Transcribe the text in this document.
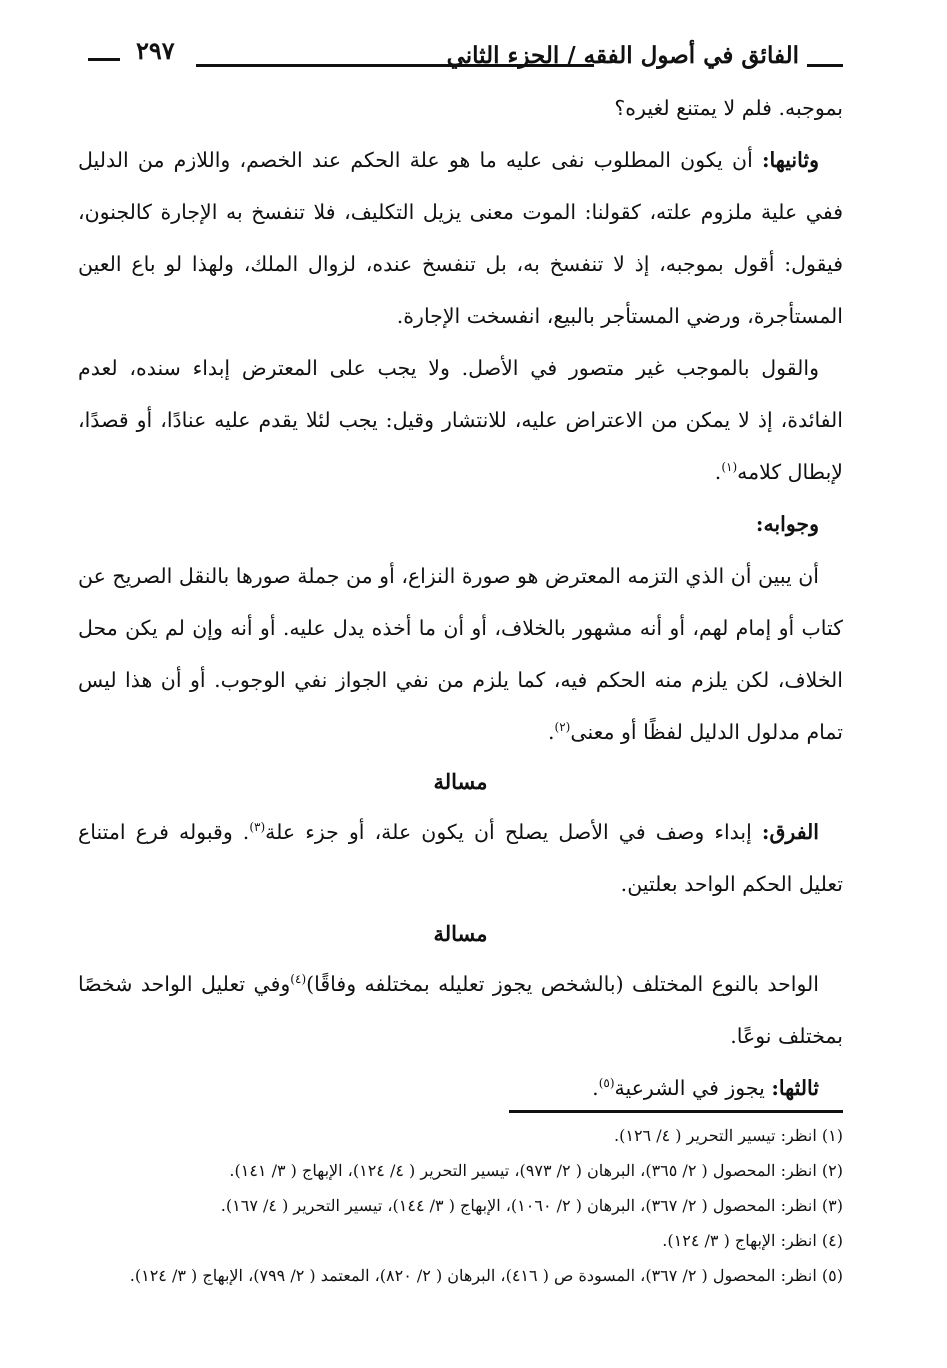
٢٩٧	الفائق في أصول الفقه / الجزء الثاني

بموجبه. فلم لا يمتنع لغيره؟

وثانيها: أن يكون المطلوب نفى عليه ما هو علة الحكم عند الخصم، واللازم من الدليل ففي علية ملزوم علته، كقولنا: الموت معنى يزيل التكليف، فلا تنفسخ به الإجارة كالجنون، فيقول: أقول بموجبه، إذ لا تنفسخ به، بل تنفسخ عنده، لزوال الملك، ولهذا لو باع العين المستأجرة، ورضي المستأجر بالبيع، انفسخت الإجارة.

والقول بالموجب غير متصور في الأصل. ولا يجب على المعترض إبداء سنده، لعدم الفائدة، إذ لا يمكن من الاعتراض عليه، للانتشار وقيل: يجب لئلا يقدم عليه عنادًا، أو قصدًا، لإبطال كلامه$^{(١)}$.

وجوابه:

أن يبين أن الذي التزمه المعترض هو صورة النزاع، أو من جملة صورها بالنقل الصريح عن كتاب أو إمام لهم، أو أنه مشهور بالخلاف، أو أن ما أخذه يدل عليه. أو أنه وإن لم يكن محل الخلاف، لكن يلزم منه الحكم فيه، كما يلزم من نفي الجواز نفي الوجوب. أو أن هذا ليس تمام مدلول الدليل لفظًا أو معنى$^{(٢)}$.

مسالة

الفرق: إبداء وصف في الأصل يصلح أن يكون علة، أو جزء علة$^{(٣)}$. وقبوله فرع امتناع تعليل الحكم الواحد بعلتين.

مسالة

الواحد بالنوع المختلف (بالشخص يجوز تعليله بمختلفه وفاقًا)$^{(٤)}$وفي تعليل الواحد شخصًا بمختلف نوعًا.

ثالثها: يجوز في الشرعية$^{(٥)}$.

(١) انظر: تيسير التحرير ( ٤/ ١٢٦).

(٢) انظر: المحصول ( ٢/ ٣٦٥)، البرهان ( ٢/ ٩٧٣)، تيسير التحرير ( ٤/ ١٢٤)، الإبهاج ( ٣/ ١٤١).

(٣) انظر: المحصول ( ٢/ ٣٦٧)، البرهان ( ٢/ ١٠٦٠)، الإبهاج ( ٣/ ١٤٤)، تيسير التحرير ( ٤/ ١٦٧).

(٤) انظر: الإبهاج ( ٣/ ١٢٤).

(٥) انظر: المحصول ( ٢/ ٣٦٧)، المسودة ص ( ٤١٦)، البرهان ( ٢/ ٨٢٠)، المعتمد ( ٢/ ٧٩٩)، الإبهاج ( ٣/ ١٢٤).
